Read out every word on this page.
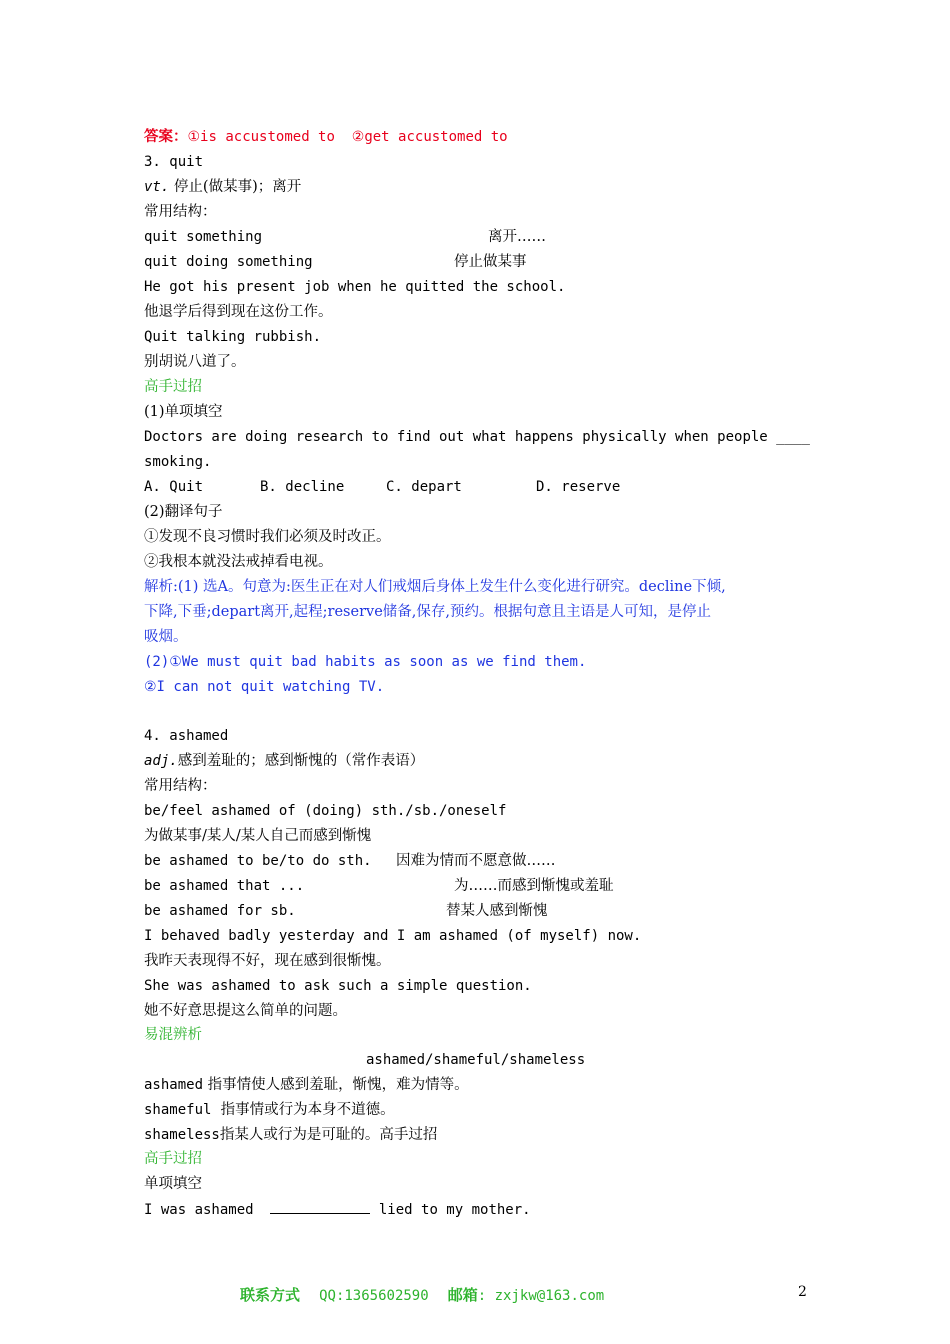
答案：①is accustomed to  ②get accustomed to
3. quit
vt. 停止(做某事)；离开
常用结构：
quit something	离开……
quit doing something	停止做某事
He got his present job when he quitted the school.
他退学后得到现在这份工作。
Quit talking rubbish.
别胡说八道了。
高手过招
(1)单项填空
Doctors are doing research to find out what happens physically when people ____
smoking.
A. Quit	B. decline	C. depart	D. reserve
(2)翻译句子
①发现不良习惯时我们必须及时改正。
②我根本就没法戒掉看电视。
解析:(1) 选A。句意为:医生正在对人们戒烟后身体上发生什么变化进行研究。decline下倾,
下降,下垂;depart离开,起程;reserve储备,保存,预约。根据句意且主语是人可知，是停止
吸烟。
(2)①We must quit bad habits as soon as we find them.
②I can not quit watching TV.
4. ashamed
adj.感到羞耻的；感到惭愧的（常作表语）
常用结构：
be/feel ashamed of (doing) sth./sb./oneself
为做某事/某人/某人自己而感到惭愧
be ashamed to be/to do sth. 因难为情而不愿意做……
be ashamed that ...	为……而感到惭愧或羞耻
be ashamed for sb.	替某人感到惭愧
I behaved badly yesterday and I am ashamed (of myself) now.
我昨天表现得不好，现在感到很惭愧。
She was ashamed to ask such a simple question.
她不好意思提这么简单的问题。
易混辨析
ashamed/shameful/shameless
ashamed 指事情使人感到羞耻，惭愧，难为情等。
shameful  指事情或行为本身不道德。
shameless指某人或行为是可耻的。高手过招
高手过招
单项填空
I was ashamed	lied to my mother.
联系方式 QQ:1365602590 邮箱: zxjkw@163.com	2
